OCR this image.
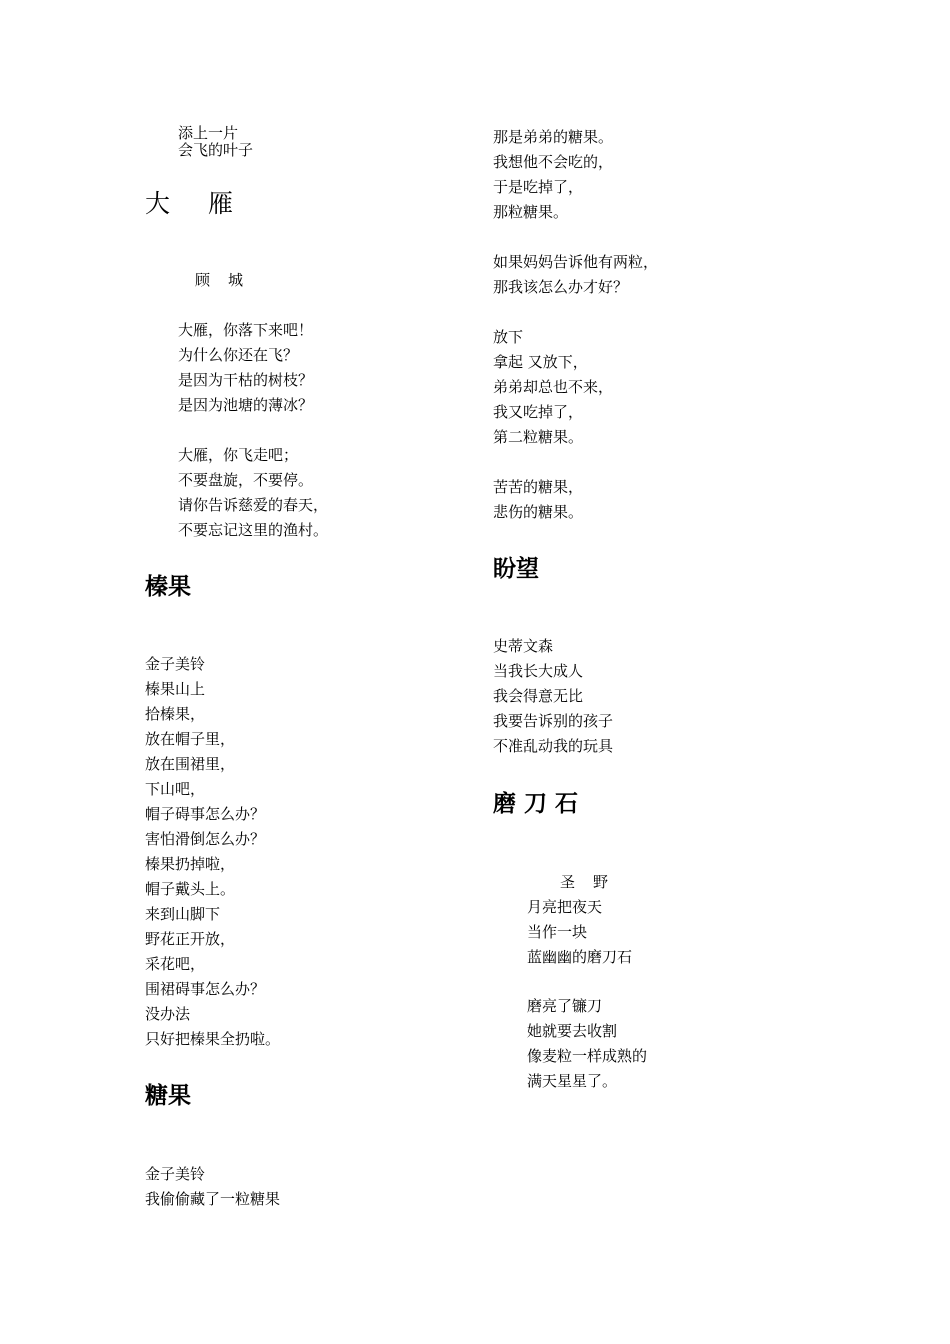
添上一片
会飞的叶子
大雁
顾城
大雁，你落下来吧！
为什么你还在飞？
是因为干枯的树枝？
是因为池塘的薄冰？
大雁，你飞走吧；
不要盘旋，不要停。
请你告诉慈爱的春天，
不要忘记这里的渔村。
榛果
金子美铃
榛果山上
拾榛果，
放在帽子里，
放在围裙里，
下山吧，
帽子碍事怎么办？
害怕滑倒怎么办？
榛果扔掉啦，
帽子戴头上。
来到山脚下
野花正开放，
采花吧，
围裙碍事怎么办？
没办法
只好把榛果全扔啦。
糖果
金子美铃
我偷偷藏了一粒糖果
那是弟弟的糖果。
我想他不会吃的，
于是吃掉了，
那粒糖果。
如果妈妈告诉他有两粒，
那我该怎么办才好？
放下
拿起 又放下，
弟弟却总也不来，
我又吃掉了，
第二粒糖果。
苦苦的糖果，
悲伤的糖果。
盼望
史蒂文森
当我长大成人
我会得意无比
我要告诉别的孩子
不准乱动我的玩具
磨刀石
圣野
月亮把夜天
当作一块
蓝幽幽的磨刀石
磨亮了镰刀
她就要去收割
像麦粒一样成熟的
满天星星了。
